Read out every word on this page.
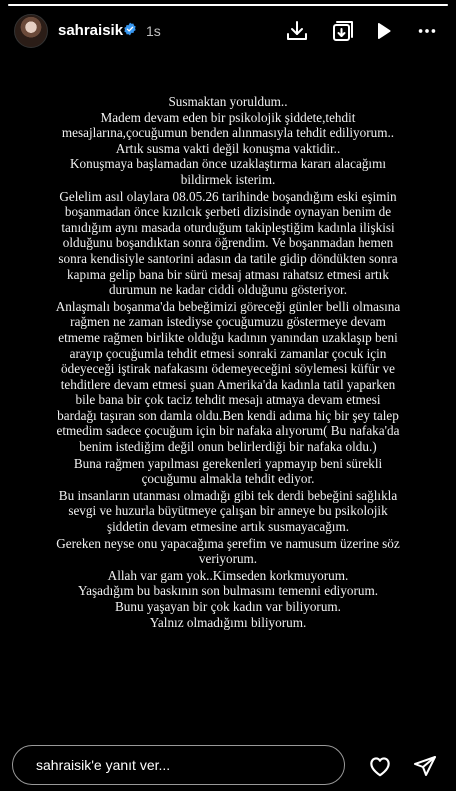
sahraisik 1s

Susmaktan yoruldum..
Madem devam eden bir psikolojik şiddete,tehdit
mesajlarına,çocuğumun benden alınmasıyla tehdit ediliyorum..
Artık susma vakti değil konuşma vaktidir..
Konuşmaya başlamadan önce uzaklaştırma kararı alacağımı
bildirmek isterim.

Gelelim asıl olaylara 08.05.26 tarihinde boşandığım eski eşimin
boşanmadan önce kızılcık şerbeti dizisinde oynayan benim de
tanıdığım aynı masada oturduğum takipleştiğim kadınla ilişkisi
olduğunu boşandıktan sonra öğrendim. Ve boşanmadan hemen
sonra kendisiyle santorini adasın da tatile gidip döndükten sonra
kapıma gelip bana bir sürü mesaj atması rahatsız etmesi artık
durumun ne kadar ciddi olduğunu gösteriyor.

Anlaşmalı boşanma'da bebeğimizi göreceği günler belli olmasına
rağmen ne zaman istediyse çocuğumuzu göstermeye devam
etmeme rağmen birlikte olduğu kadının yanından uzaklaşıp beni
arayıp çocuğumla tehdit etmesi sonraki zamanlar çocuk için
ödeyeceği iştirak nafakasını ödemeyeceğini söylemesi küfür ve
tehditlere devam etmesi şuan Amerika'da kadınla tatil yaparken
bile bana bir çok taciz tehdit mesajı atmaya devam etmesi
bardağı taşıran son damla oldu.Ben kendi adıma hiç bir şey talep
etmedim sadece çocuğum için bir nafaka alıyorum( Bu nafaka'da
benim istediğim değil onun belirlerdiği bir nafaka oldu.)

Buna rağmen yapılması gerekenleri yapmayıp beni sürekli
çocuğumu almakla tehdit ediyor.

Bu insanların utanması olmadığı gibi tek derdi bebeğini sağlıkla
sevgi ve huzurla büyütmeye çalışan bir anneye bu psikolojik
şiddetin devam etmesine artık susmayacağım.

Gereken neyse onu yapacağıma şerefim ve namusum üzerine söz
veriyorum.

Allah var gam yok..Kimseden korkmuyorum.
Yaşadığım bu baskının son bulmasını temenni ediyorum.
Bunu yaşayan bir çok kadın var biliyorum.
Yalnız olmadığımı biliyorum.

sahraisik'e yanıt ver...
